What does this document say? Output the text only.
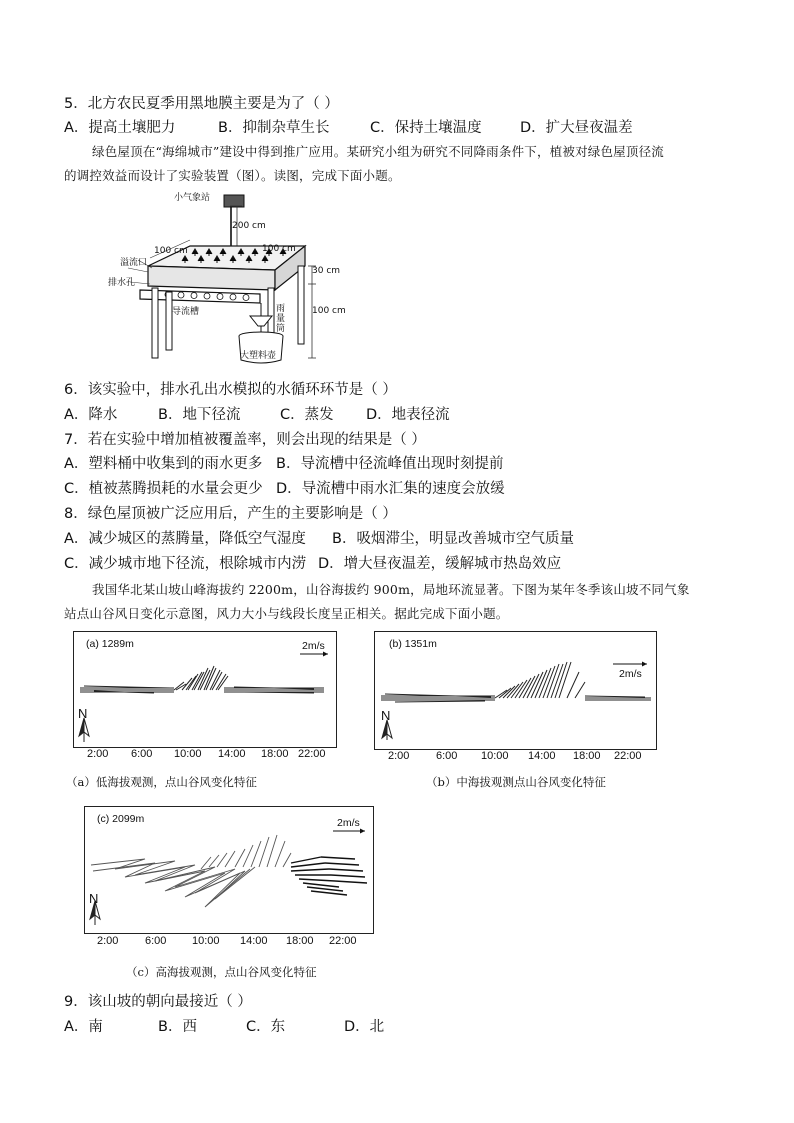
5．北方农民夏季用黑地膜主要是为了（ ）
A．提高土壤肥力	B．抑制杂草生长	C．保持土壤温度	D．扩大昼夜温差
绿色屋顶在“海绵城市”建设中得到推广应用。某研究小组为研究不同降雨条件下，植被对绿色屋顶径流
的调控效益而设计了实验装置（图）。读图，完成下面小题。
小气象站
200 cm
100 cm	100 cm
溢流口
排水孔
30 cm
导流槽	100 cm
雨量筒
大塑料壶
6．该实验中，排水孔出水模拟的水循环环节是（ ）
A．降水	B．地下径流	C．蒸发 D．地表径流
7．若在实验中增加植被覆盖率，则会出现的结果是（ ）
A．塑料桶中收集到的雨水更多 B．导流槽中径流峰值出现时刻提前
C．植被蒸腾损耗的水量会更少 D．导流槽中雨水汇集的速度会放缓
8．绿色屋顶被广泛应用后，产生的主要影响是（ ）
A．减少城区的蒸腾量，降低空气湿度 B．吸烟滞尘，明显改善城市空气质量
C．减少城市地下径流，根除城市内涝 D．增大昼夜温差，缓解城市热岛效应
我国华北某山坡山峰海拔约 2200m，山谷海拔约 900m，局地环流显著。下图为某年冬季该山坡不同气象
站点山谷风日变化示意图，风力大小与线段长度呈正相关。据此完成下面小题。
(a) 1289m	2m/s
N
2:00 6:00 10:00 14:00 18:00 22:00
（a）低海拔观测，点山谷风变化特征
(b) 1351m
2m/s
N
2:00 6:00 10:00 14:00 18:00 22:00
（b）中海拔观测点山谷风变化特征
(c) 2099m	2m/s
N
2:00 6:00 10:00 14:00 18:00 22:00
（c）高海拔观测，点山谷风变化特征
9．该山坡的朝向最接近（ ）
A．南	B．西	C．东	D．北
